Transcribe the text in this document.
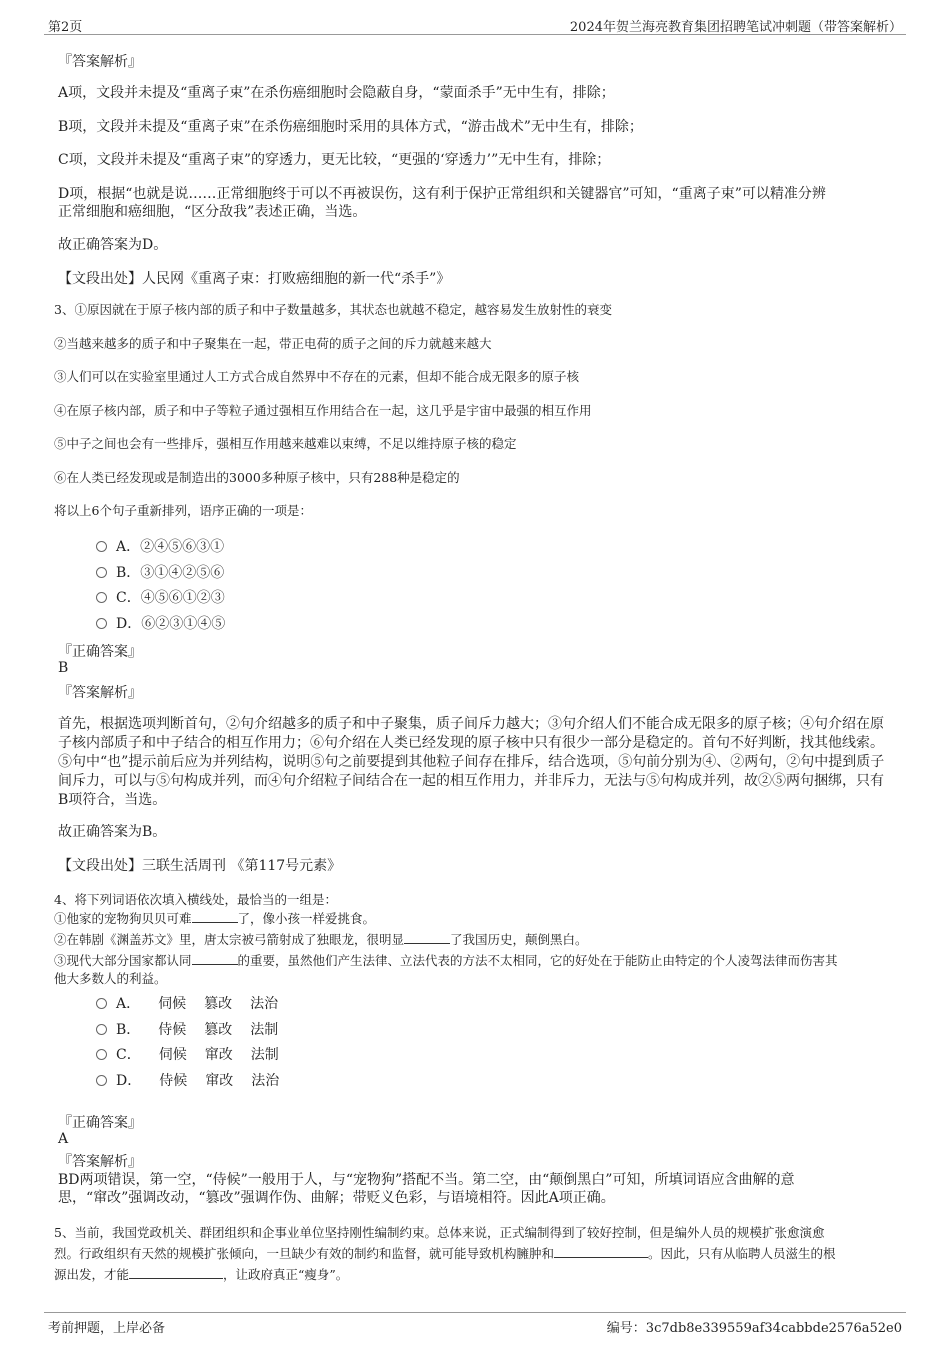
第2页	2024年贺兰海亮教育集团招聘笔试冲刺题（带答案解析）
『答案解析』
A项，文段并未提及“重离子束”在杀伤癌细胞时会隐蔽自身，“蒙面杀手”无中生有，排除；
B项，文段并未提及“重离子束”在杀伤癌细胞时采用的具体方式，“游击战术”无中生有，排除；
C项，文段并未提及“重离子束”的穿透力，更无比较，“更强的‘穿透力’”无中生有，排除；
D项，根据“也就是说……正常细胞终于可以不再被误伤，这有利于保护正常组织和关键器官”可知，“重离子束”可以精准分辨
正常细胞和癌细胞，“区分敌我”表述正确，当选。
故正确答案为D。
【文段出处】人民网《重离子束：打败癌细胞的新一代“杀手”》
3、①原因就在于原子核内部的质子和中子数量越多，其状态也就越不稳定，越容易发生放射性的衰变
②当越来越多的质子和中子聚集在一起，带正电荷的质子之间的斥力就越来越大
③人们可以在实验室里通过人工方式合成自然界中不存在的元素，但却不能合成无限多的原子核
④在原子核内部，质子和中子等粒子通过强相互作用结合在一起，这几乎是宇宙中最强的相互作用
⑤中子之间也会有一些排斥，强相互作用越来越难以束缚，不足以维持原子核的稳定
⑥在人类已经发现或是制造出的3000多种原子核中，只有288种是稳定的
将以上6个句子重新排列，语序正确的一项是：
A．②④⑤⑥③①
B．③①④②⑤⑥
C．④⑤⑥①②③
D．⑥②③①④⑤
『正确答案』
B
『答案解析』
首先，根据选项判断首句，②句介绍越多的质子和中子聚集，质子间斥力越大；③句介绍人们不能合成无限多的原子核；④句介绍在原子核内部质子和中子结合的相互作用力；⑥句介绍在人类已经发现的原子核中只有很少一部分是稳定的。首句不好判断，找其他线索。⑤句中“也”提示前后应为并列结构，说明⑤句之前要提到其他粒子间存在排斥，结合选项，⑤句前分别为④、②两句，②句中提到质子间斥力，可以与⑤句构成并列，而④句介绍粒子间结合在一起的相互作用力，并非斥力，无法与⑤句构成并列，故②⑤两句捆绑，只有B项符合，当选。
故正确答案为B。
【文段出处】三联生活周刊 《第117号元素》
4、将下列词语依次填入横线处，最恰当的一组是：
①他家的宠物狗贝贝可难	了，像小孩一样爱挑食。
②在韩剧《渊盖苏文》里，唐太宗被弓箭射成了独眼龙，很明显	了我国历史，颠倒黑白。
③现代大部分国家都认同	的重要，虽然他们产生法律、立法代表的方法不太相同，它的好处在于能防止由特定的个人凌驾法律而伤害其
他大多数人的利益。
A． 伺候 篡改 法治
B． 侍候 篡改 法制
C． 伺候 窜改 法制
D． 侍候 窜改 法治
『正确答案』
A
『答案解析』
BD两项错误，第一空，“侍候”一般用于人，与“宠物狗”搭配不当。第二空，由“颠倒黑白”可知，所填词语应含曲解的意
思，“窜改”强调改动，“篡改”强调作伪、曲解；带贬义色彩，与语境相符。因此A项正确。
5、当前，我国党政机关、群团组织和企事业单位坚持刚性编制约束。总体来说，正式编制得到了较好控制，但是编外人员的规模扩张愈演愈
烈。行政组织有天然的规模扩张倾向，一旦缺少有效的制约和监督，就可能导致机构臃肿和	。因此，只有从临聘人员滋生的根
源出发，才能	，让政府真正“瘦身”。
考前押题，上岸必备	编号：3c7db8e339559af34cabbde2576a52e0
